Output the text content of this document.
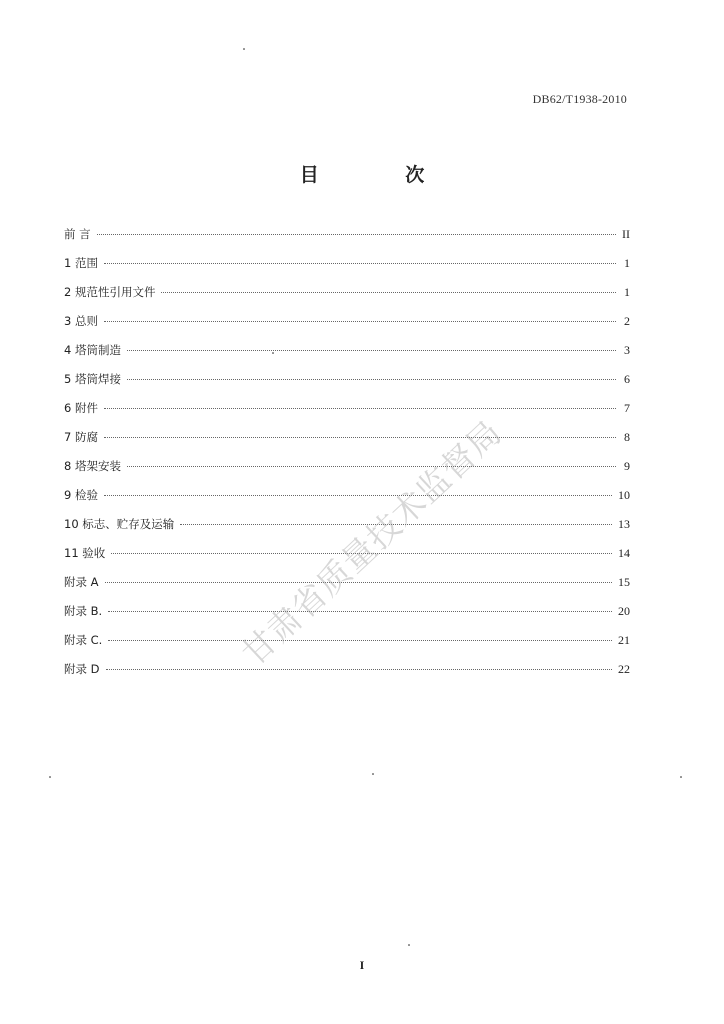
DB62/T1938-2010
目 次
前 言	II
1 范围	1
2 规范性引用文件	1
3 总则	2
4 塔筒制造	3
5 塔筒焊接	6
6 附件	7
7 防腐	8
8 塔架安装	9
9 检验	10
10 标志、贮存及运输	13
11 验收	14
附录 A	15
附录 B.	20
附录 C.	21
附录 D	22
甘肃省质量技术监督局
I
